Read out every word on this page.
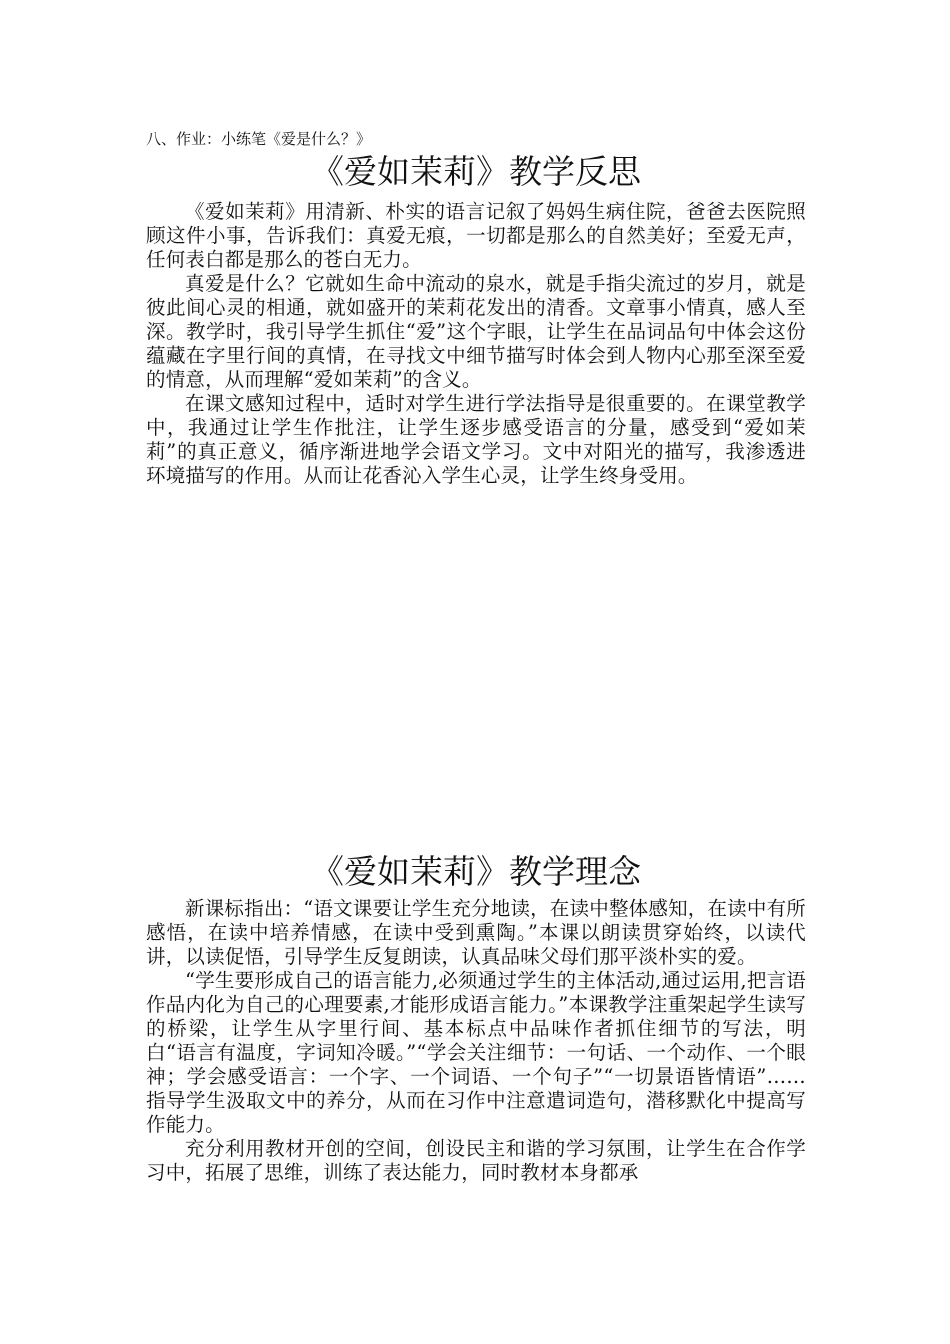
八、作业：小练笔《爱是什么？》
《爱如茉莉》教学反思

《爱如茉莉》用清新、朴实的语言记叙了妈妈生病住院，爸爸去医院照顾这件小事，告诉我们：真爱无痕，一切都是那么的自然美好；至爱无声，任何表白都是那么的苍白无力。

真爱是什么？它就如生命中流动的泉水，就是手指尖流过的岁月，就是彼此间心灵的相通，就如盛开的茉莉花发出的清香。文章事小情真，感人至深。教学时，我引导学生抓住“爱”这个字眼，让学生在品词品句中体会这份蕴藏在字里行间的真情，在寻找文中细节描写时体会到人物内心那至深至爱的情意，从而理解“爱如茉莉”的含义。

在课文感知过程中，适时对学生进行学法指导是很重要的。在课堂教学中，我通过让学生作批注，让学生逐步感受语言的分量，感受到“爱如茉莉”的真正意义，循序渐进地学会语文学习。文中对阳光的描写，我渗透进环境描写的作用。从而让花香沁入学生心灵，让学生终身受用。

《爱如茉莉》教学理念

新课标指出：“语文课要让学生充分地读，在读中整体感知，在读中有所感悟，在读中培养情感，在读中受到熏陶。”本课以朗读贯穿始终，以读代讲，以读促悟，引导学生反复朗读，认真品味父母们那平淡朴实的爱。

“学生要形成自己的语言能力,必须通过学生的主体活动,通过运用,把言语作品内化为自己的心理要素,才能形成语言能力。”本课教学注重架起学生读写的桥梁，让学生从字里行间、基本标点中品味作者抓住细节的写法，明白“语言有温度，字词知冷暖。”“学会关注细节：一句话、一个动作、一个眼神；学会感受语言：一个字、一个词语、一个句子”“一切景语皆情语”……指导学生汲取文中的养分，从而在习作中注意遣词造句，潜移默化中提高写作能力。

充分利用教材开创的空间，创设民主和谐的学习氛围，让学生在合作学习中，拓展了思维，训练了表达能力，同时教材本身都承
